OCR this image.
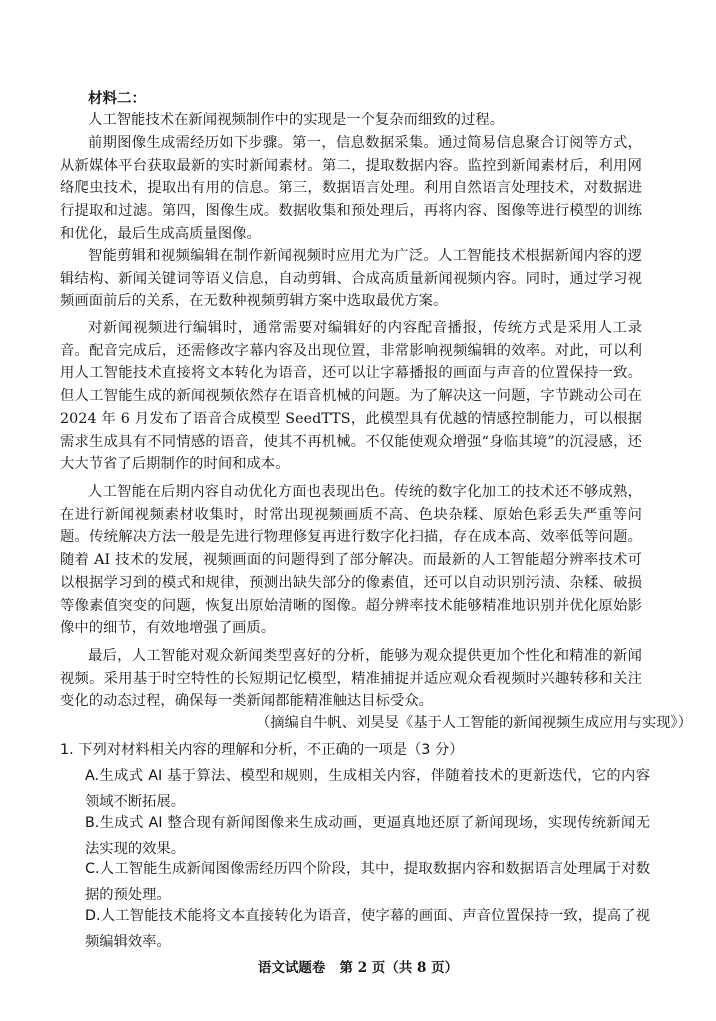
材料二：

人工智能技术在新闻视频制作中的实现是一个复杂而细致的过程。

前期图像生成需经历如下步骤。第一，信息数据采集。通过简易信息聚合订阅等方式，从新媒体平台获取最新的实时新闻素材。第二，提取数据内容。监控到新闻素材后，利用网络爬虫技术，提取出有用的信息。第三，数据语言处理。利用自然语言处理技术，对数据进行提取和过滤。第四，图像生成。数据收集和预处理后，再将内容、图像等进行模型的训练和优化，最后生成高质量图像。

智能剪辑和视频编辑在制作新闻视频时应用尤为广泛。人工智能技术根据新闻内容的逻辑结构、新闻关键词等语义信息，自动剪辑、合成高质量新闻视频内容。同时，通过学习视频画面前后的关系，在无数种视频剪辑方案中选取最优方案。

对新闻视频进行编辑时，通常需要对编辑好的内容配音播报，传统方式是采用人工录音。配音完成后，还需修改字幕内容及出现位置，非常影响视频编辑的效率。对此，可以利用人工智能技术直接将文本转化为语音，还可以让字幕播报的画面与声音的位置保持一致。但人工智能生成的新闻视频依然存在语音机械的问题。为了解决这一问题，字节跳动公司在 2024 年 6 月发布了语音合成模型 SeedTTS，此模型具有优越的情感控制能力，可以根据需求生成具有不同情感的语音，使其不再机械。不仅能使观众增强“身临其境”的沉浸感，还大大节省了后期制作的时间和成本。

人工智能在后期内容自动优化方面也表现出色。传统的数字化加工的技术还不够成熟，在进行新闻视频素材收集时，时常出现视频画质不高、色块杂糅、原始色彩丢失严重等问题。传统解决方法一般是先进行物理修复再进行数字化扫描，存在成本高、效率低等问题。随着 AI 技术的发展，视频画面的问题得到了部分解决。而最新的人工智能超分辨率技术可以根据学习到的模式和规律，预测出缺失部分的像素值，还可以自动识别污渍、杂糅、破损等像素值突变的问题，恢复出原始清晰的图像。超分辨率技术能够精准地识别并优化原始影像中的细节，有效地增强了画质。

最后，人工智能对观众新闻类型喜好的分析，能够为观众提供更加个性化和精准的新闻视频。采用基于时空特性的长短期记忆模型，精准捕捉并适应观众看视频时兴趣转移和关注变化的动态过程，确保每一类新闻都能精准触达目标受众。

（摘编自牛帆、刘昊旻《基于人工智能的新闻视频生成应用与实现》）
1. 下列对材料相关内容的理解和分析，不正确的一项是（3 分）
A.生成式 AI 基于算法、模型和规则，生成相关内容，伴随着技术的更新迭代，它的内容领域不断拓展。
B.生成式 AI 整合现有新闻图像来生成动画，更逼真地还原了新闻现场，实现传统新闻无法实现的效果。
C.人工智能生成新闻图像需经历四个阶段，其中，提取数据内容和数据语言处理属于对数据的预处理。
D.人工智能技术能将文本直接转化为语音，使字幕的画面、声音位置保持一致，提高了视频编辑效率。
语文试题卷   第 2 页（共 8 页）
